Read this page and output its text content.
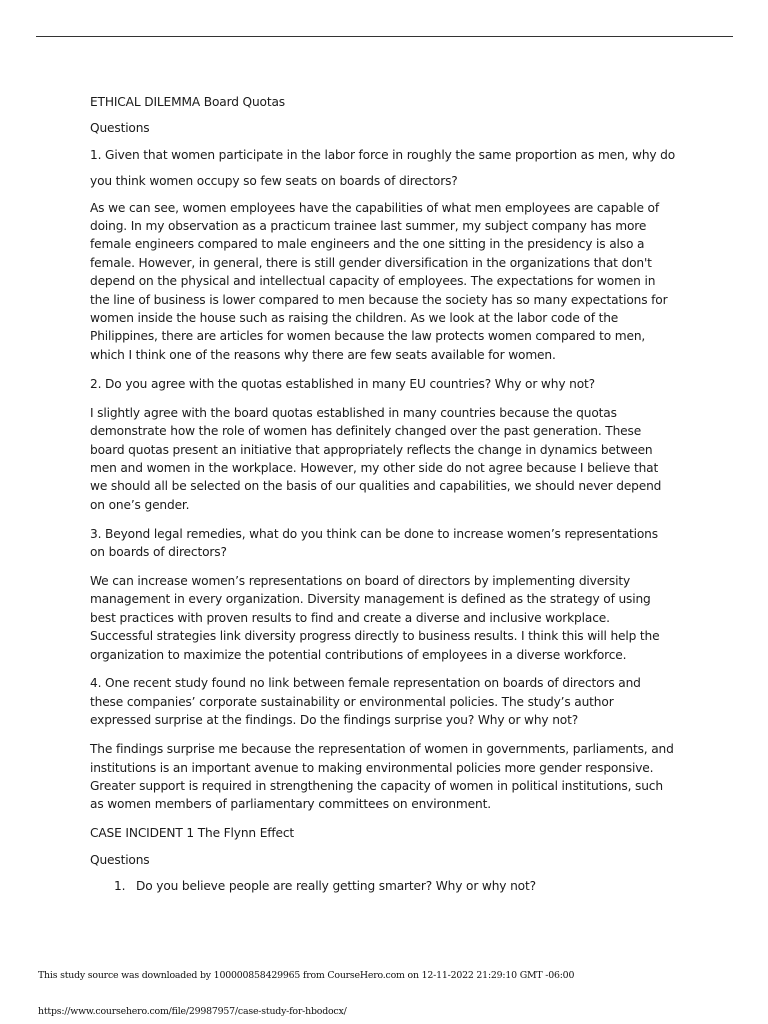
ETHICAL DILEMMA Board Quotas

Questions

1. Given that women participate in the labor force in roughly the same proportion as men, why do

you think women occupy so few seats on boards of directors?

As we can see, women employees have the capabilities of what men employees are capable of doing. In my observation as a practicum trainee last summer, my subject company has more female engineers compared to male engineers and the one sitting in the presidency is also a female. However, in general, there is still gender diversification in the organizations that don't depend on the physical and intellectual capacity of employees. The expectations for women in the line of business is lower compared to men because the society has so many expectations for women inside the house such as raising the children. As we look at the labor code of the Philippines, there are articles for women because the law protects women compared to men, which I think one of the reasons why there are few seats available for women.

2. Do you agree with the quotas established in many EU countries? Why or why not?

I slightly agree with the board quotas established in many countries because the quotas demonstrate how the role of women has definitely changed over the past generation. These board quotas present an initiative that appropriately reflects the change in dynamics between men and women in the workplace. However, my other side do not agree because I believe that we should all be selected on the basis of our qualities and capabilities, we should never depend on one’s gender.

3. Beyond legal remedies, what do you think can be done to increase women’s representations on boards of directors?

We can increase women’s representations on board of directors by implementing diversity management in every organization. Diversity management is defined as the strategy of using best practices with proven results to find and create a diverse and inclusive workplace. Successful strategies link diversity progress directly to business results. I think this will help the organization to maximize the potential contributions of employees in a diverse workforce.

4. One recent study found no link between female representation on boards of directors and these companies’ corporate sustainability or environmental policies. The study’s author expressed surprise at the findings. Do the findings surprise you? Why or why not?

The findings surprise me because the representation of women in governments, parliaments, and institutions is an important avenue to making environmental policies more gender responsive. Greater support is required in strengthening the capacity of women in political institutions, such as women members of parliamentary committees on environment.

CASE INCIDENT 1 The Flynn Effect

Questions

1. Do you believe people are really getting smarter? Why or why not?
This study source was downloaded by 100000858429965 from CourseHero.com on 12-11-2022 21:29:10 GMT -06:00
https://www.coursehero.com/file/29987957/case-study-for-hbodocx/
